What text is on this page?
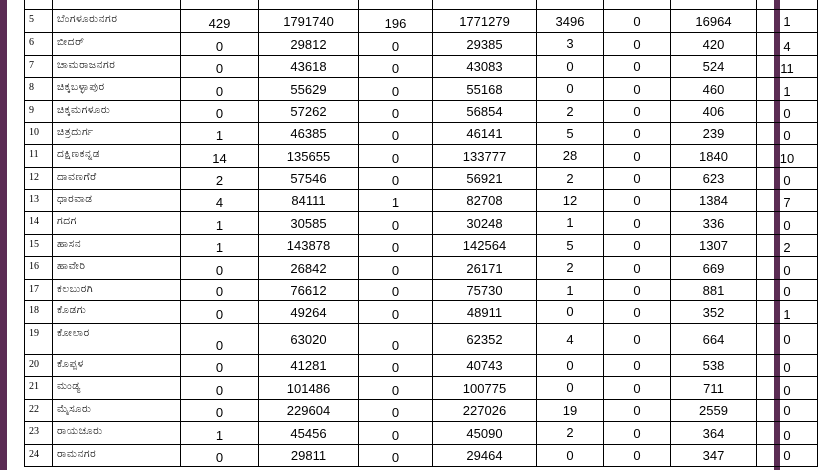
5	ಬೆಂಗಳೂರುನಗರ	429	1791740	196	1771279	3496	0	16964	1
6	ಬೀದರ್	0	29812	0	29385	3	0	420	4
7	ಚಾಮರಾಜನಗರ	0	43618	0	43083	0	0	524	11
8	ಚಿಕ್ಕಬಳ್ಳಾಪುರ	0	55629	0	55168	0	0	460	1
9	ಚಿಕ್ಕಮಗಳೂರು	0	57262	0	56854	2	0	406	0
10	ಚಿತ್ರದುರ್ಗ	1	46385	0	46141	5	0	239	0
11	ದಕ್ಷಿಣಕನ್ನಡ	14	135655	0	133777	28	0	1840	10
12	ದಾವಣಗೆರೆ	2	57546	0	56921	2	0	623	0
13	ಧಾರವಾಡ	4	84111	1	82708	12	0	1384	7
14	ಗದಗ	1	30585	0	30248	1	0	336	0
15	ಹಾಸನ	1	143878	0	142564	5	0	1307	2
16	ಹಾವೇರಿ	0	26842	0	26171	2	0	669	0
17	ಕಲಬುರಗಿ	0	76612	0	75730	1	0	881	0
18	ಕೊಡಗು	0	49264	0	48911	0	0	352	1
19	ಕೋಲಾರ	0	63020	0	62352	4	0	664	0
20	ಕೊಪ್ಪಳ	0	41281	0	40743	0	0	538	0
21	ಮಂಡ್ಯ	0	101486	0	100775	0	0	711	0
22	ಮೈಸೂರು	0	229604	0	227026	19	0	2559	0
23	ರಾಯಚೂರು	1	45456	0	45090	2	0	364	0
24	ರಾಮನಗರ	0	29811	0	29464	0	0	347	0
